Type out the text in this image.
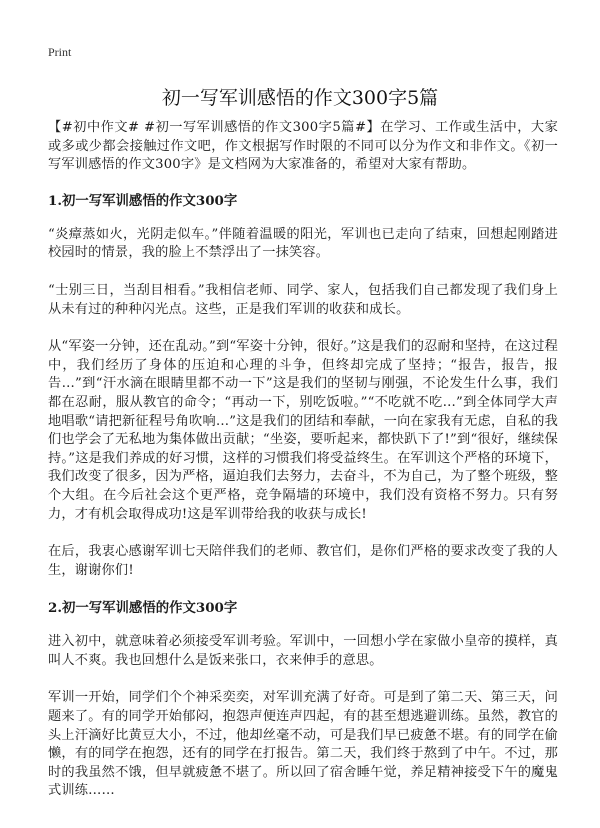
Print
初一写军训感悟的作文300字5篇

【#初中作文# #初一写军训感悟的作文300字5篇#】在学习、工作或生活中，大家或多或少都会接触过作文吧，作文根据写作时限的不同可以分为作文和非作文。《初一写军训感悟的作文300字》是文档网为大家准备的，希望对大家有帮助。

1.初一写军训感悟的作文300字

“炎瘴蒸如火，光阴走似车。”伴随着温暖的阳光，军训也已走向了结束，回想起刚踏进校园时的情景，我的脸上不禁浮出了一抹笑容。

“士别三日，当刮目相看。”我相信老师、同学、家人，包括我们自己都发现了我们身上从未有过的种种闪光点。这些，正是我们军训的收获和成长。

从“军姿一分钟，还在乱动。”到“军姿十分钟，很好。”这是我们的忍耐和坚持，在这过程中，我们经历了身体的压迫和心理的斗争，但终却完成了坚持；“报告，报告，报告…”到“汗水滴在眼睛里都不动一下”这是我们的坚韧与刚强，不论发生什么事，我们都在忍耐，服从教官的命令；“再动一下，别吃饭啦。”“不吃就不吃…”到全体同学大声地唱歌“请把新征程号角吹响…”这是我们的团结和奉献，一向在家我有无虑，自私的我们也学会了无私地为集体做出贡献；“坐姿，要听起来，都快趴下了!”到“很好，继续保持。”这是我们养成的好习惯，这样的习惯我们将受益终生。在军训这个严格的环境下，我们改变了很多，因为严格，逼迫我们去努力，去奋斗，不为自己，为了整个班级，整个大组。在今后社会这个更严格，竞争隔墙的环境中，我们没有资格不努力。只有努力，才有机会取得成功!这是军训带给我的收获与成长!

在后，我衷心感谢军训七天陪伴我们的老师、教官们，是你们严格的要求改变了我的人生，谢谢你们!

2.初一写军训感悟的作文300字

进入初中，就意味着必须接受军训考验。军训中，一回想小学在家做小皇帝的摸样，真叫人不爽。我也回想什么是饭来张口，衣来伸手的意思。

军训一开始，同学们个个神采奕奕，对军训充满了好奇。可是到了第二天、第三天，问题来了。有的同学开始郁闷，抱怨声便连声四起，有的甚至想逃避训练。虽然，教官的头上汗滴好比黄豆大小，不过，他却丝毫不动，可是我们早已疲惫不堪。有的同学在偷懒，有的同学在抱怨，还有的同学在打报告。第二天，我们终于熬到了中午。不过，那时的我虽然不饿，但早就疲惫不堪了。所以回了宿舍睡午觉，养足精神接受下午的魔鬼式训练……
